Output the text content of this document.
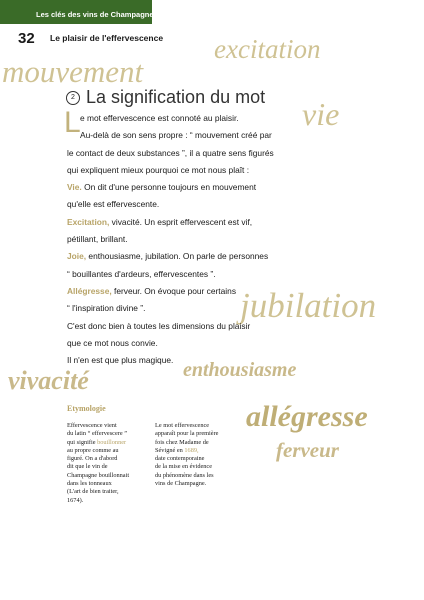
Les clés des vins de Champagne
32 Le plaisir de l'effervescence excitation
mouvement
vie
jubilation
enthousiasme
vivacité
allégresse
ferveur
2 La signification du mot
L e mot effervescence est connoté au plaisir.

Au-delà de son sens propre : “ mouvement créé par

le contact de deux substances ”, il a quatre sens figurés

qui expliquent mieux pourquoi ce mot nous plaît :

Vie. On dit d'une personne toujours en mouvement

qu'elle est effervescente.

Excitation, vivacité. Un esprit effervescent est vif,

pétillant, brillant.

Joie, enthousiasme, jubilation. On parle de personnes

“ bouillantes d'ardeurs, effervescentes ”.

Allégresse, ferveur. On évoque pour certains

“ l'inspiration divine ”.

C'est donc bien à toutes les dimensions du plaisir

que ce mot nous convie.

Il n'en est que plus magique.

Etymologie

Effervescence vient

du latin “ effervescere ”

qui signifie bouillonner

au propre comme au

figuré. On a d'abord

dit que le vin de

Champagne bouillonnait

dans les tonneaux

(L'art de bien traiter,

1674).

Le mot effervescence

apparaît pour la première

fois chez Madame de

Sévigné en 1689,

date contemporaine

de la mise en évidence

du phénomène dans les

vins de Champagne.
